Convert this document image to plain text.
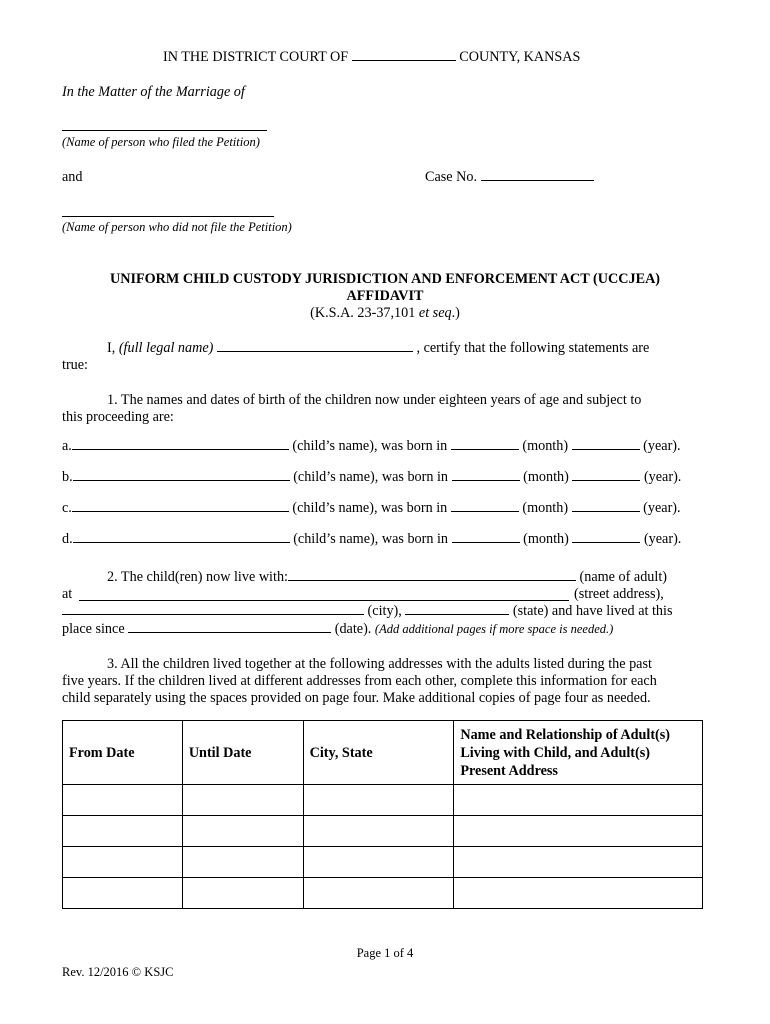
IN THE DISTRICT COURT OF	COUNTY, KANSAS
In the Matter of the Marriage of
(Name of person who filed the Petition)
and	Case No.
(Name of person who did not file the Petition)
UNIFORM CHILD CUSTODY JURISDICTION AND ENFORCEMENT ACT (UCCJEA)
AFFIDAVIT
(K.S.A. 23-37,101 et seq.)
I, (full legal name)	, certify that the following statements are
true:
1. The names and dates of birth of the children now under eighteen years of age and subject to
this proceeding are:
a.	(child’s name), was born in	(month)	(year).
b.	(child’s name), was born in	(month)	(year).
c.	(child’s name), was born in	(month)	(year).
d.	(child’s name), was born in	(month)	(year).
2. The child(ren) now live with:	(name of adult)
at	(street address),
(city),	(state) and have lived at this
place since	(date). (Add additional pages if more space is needed.)
3. All the children lived together at the following addresses with the adults listed during the past
five years. If the children lived at different addresses from each other, complete this information for each
child separately using the spaces provided on page four. Make additional copies of page four as needed.
From Date	Until Date	City, State	Name and Relationship of Adult(s)
Living with Child, and Adult(s)
Present Address

Page 1 of 4
Rev. 12/2016 © KSJC
